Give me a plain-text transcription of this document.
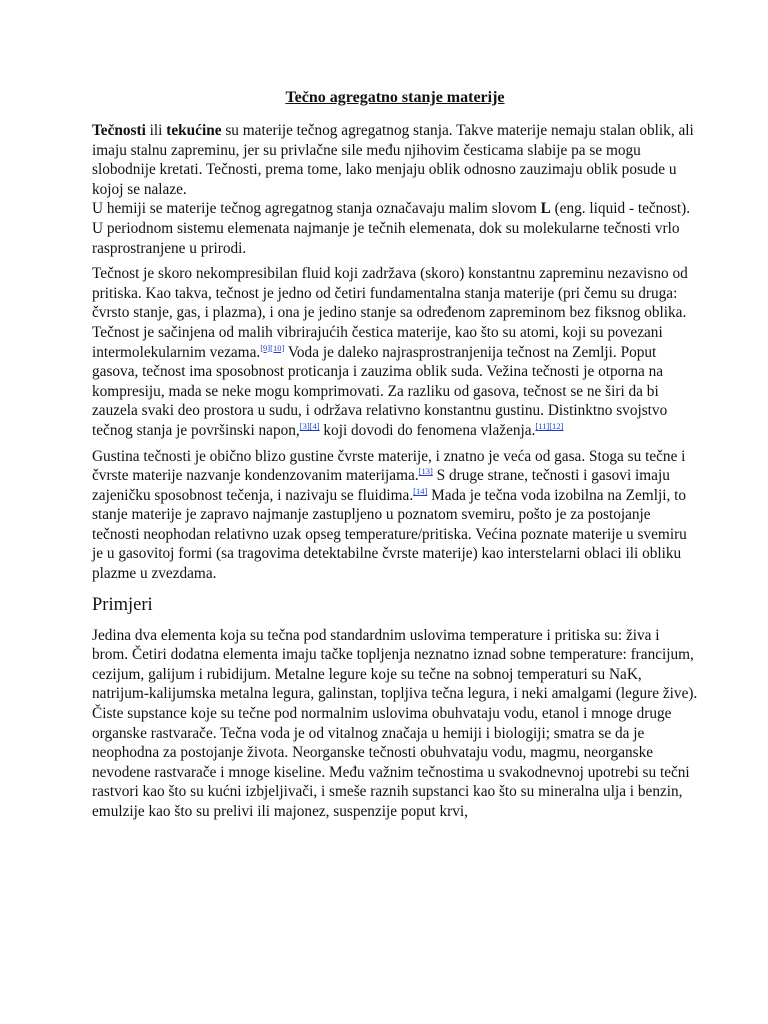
Tečno agregatno stanje materije

Tečnosti ili tekućine su materije tečnog agregatnog stanja. Takve materije nemaju stalan oblik, ali imaju stalnu zapreminu, jer su privlačne sile među njihovim česticama slabije pa se mogu slobodnije kretati. Tečnosti, prema tome, lako menjaju oblik odnosno zauzimaju oblik posude u kojoj se nalaze.

U hemiji se materije tečnog agregatnog stanja označavaju malim slovom L (eng. liquid - tečnost). U periodnom sistemu elemenata najmanje je tečnih elemenata, dok su molekularne tečnosti vrlo rasprostranjene u prirodi.

Tečnost je skoro nekompresibilan fluid koji zadržava (skoro) konstantnu zapreminu nezavisno od pritiska. Kao takva, tečnost je jedno od četiri fundamentalna stanja materije (pri čemu su druga: čvrsto stanje, gas, i plazma), i ona je jedino stanje sa određenom zapreminom bez fiksnog oblika. Tečnost je sačinjena od malih vibrirajućih čestica materije, kao što su atomi, koji su povezani intermolekularnim vezama.[9][10] Voda je daleko najrasprostranjenija tečnost na Zemlji. Poput gasova, tečnost ima sposobnost proticanja i zauzima oblik suda. Vežina tečnosti je otporna na kompresiju, mada se neke mogu komprimovati. Za razliku od gasova, tečnost se ne širi da bi zauzela svaki deo prostora u sudu, i održava relativno konstantnu gustinu. Distinktno svojstvo tečnog stanja je površinski napon,[3][4] koji dovodi do fenomena vlaženja.[11][12]

Gustina tečnosti je obično blizo gustine čvrste materije, i znatno je veća od gasa. Stoga su tečne i čvrste materije nazvanje kondenzovanim materijama.[13] S druge strane, tečnosti i gasovi imaju zajeničku sposobnost tečenja, i nazivaju se fluidima.[14] Mada je tečna voda izobilna na Zemlji, to stanje materije je zapravo najmanje zastupljeno u poznatom svemiru, pošto je za postojanje tečnosti neophodan relativno uzak opseg temperature/pritiska. Većina poznate materije u svemiru je u gasovitoj formi (sa tragovima detektabilne čvrste materije) kao interstelarni oblaci ili obliku plazme u zvezdama.

Primjeri

Jedina dva elementa koja su tečna pod standardnim uslovima temperature i pritiska su: živa i brom. Četiri dodatna elementa imaju tačke topljenja neznatno iznad sobne temperature: francijum, cezijum, galijum i rubidijum. Metalne legure koje su tečne na sobnoj temperaturi su NaK, natrijum-kalijumska metalna legura, galinstan, topljiva tečna legura, i neki amalgami (legure žive). Čiste supstance koje su tečne pod normalnim uslovima obuhvataju vodu, etanol i mnoge druge organske rastvarače. Tečna voda je od vitalnog značaja u hemiji i biologiji; smatra se da je neophodna za postojanje života. Neorganske tečnosti obuhvataju vodu, magmu, neorganske nevodene rastvarače i mnoge kiseline. Među važnim tečnostima u svakodnevnoj upotrebi su tečni rastvori kao što su kućni izbjeljivači, i smeše raznih supstanci kao što su mineralna ulja i benzin, emulzije kao što su prelivi ili majonez, suspenzije poput krvi,
